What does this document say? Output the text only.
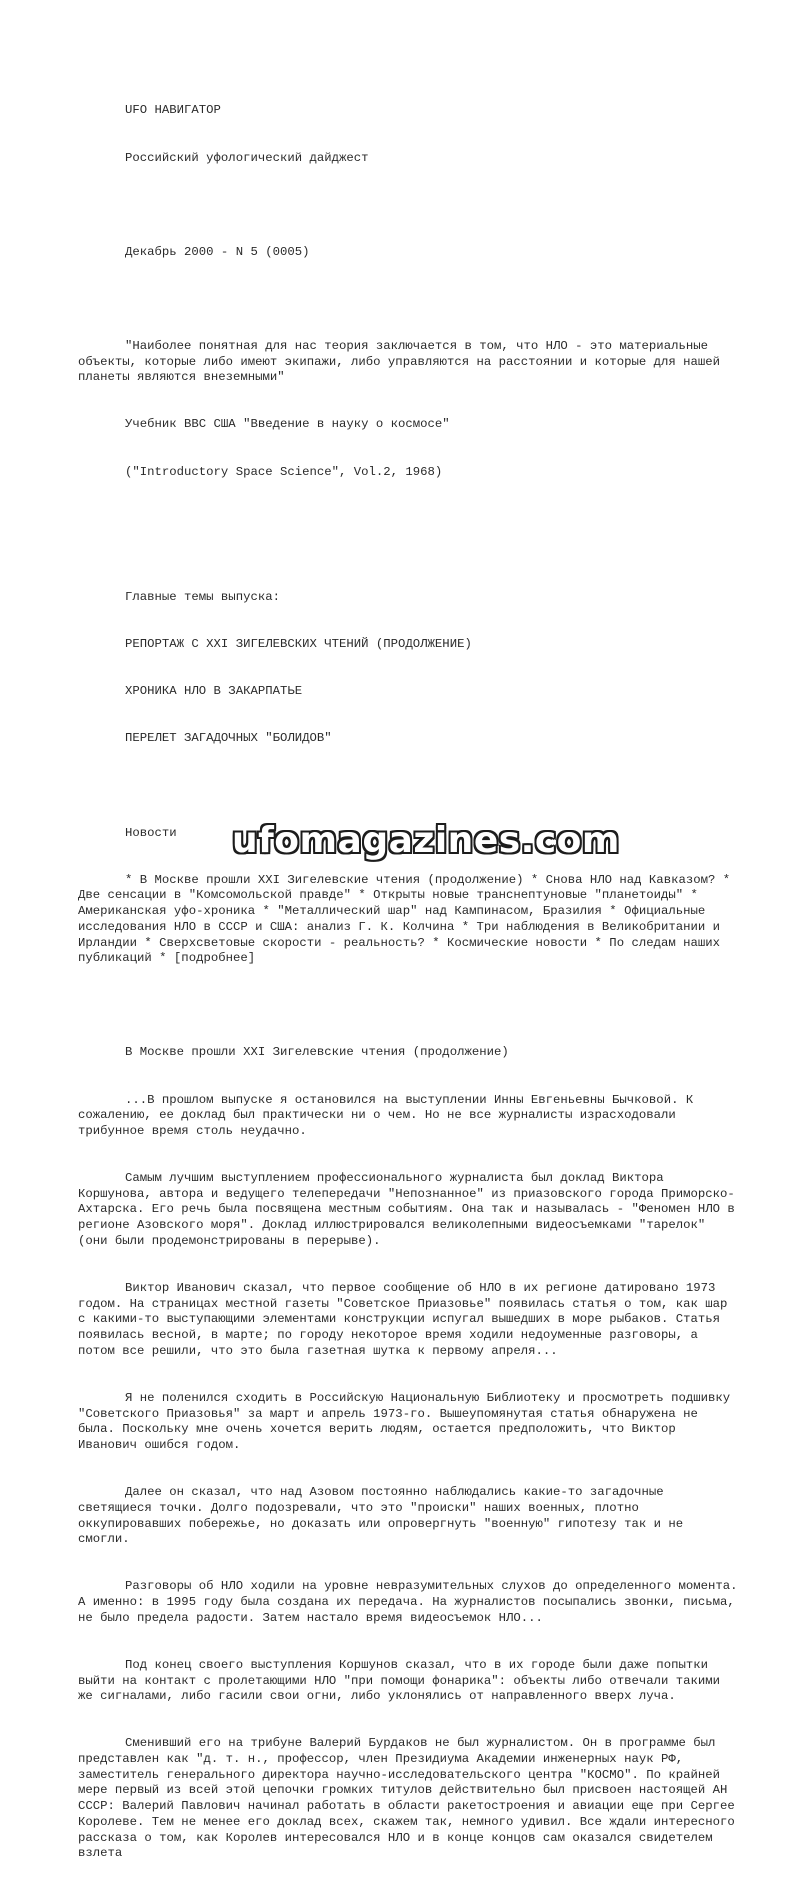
UFO НАВИГАТОР

Российский уфологический дайджест

Декабрь 2000 - N 5 (0005)

"Наиболее понятная для нас теория заключается в том, что НЛО - это материальные объекты, которые либо имеют экипажи, либо управляются на расстоянии и которые для нашей планеты являются внеземными"

Учебник ВВС США "Введение в науку о космосе"

("Introductory Space Science", Vol.2, 1968)

Главные темы выпуска:

РЕПОРТАЖ С XXI ЗИГЕЛЕВСКИХ ЧТЕНИЙ (ПРОДОЛЖЕНИЕ)

ХРОНИКА НЛО В ЗАКАРПАТЬЕ

ПЕРЕЛЕТ ЗАГАДОЧНЫХ "БОЛИДОВ"

Новости

* В Москве прошли XXI Зигелевские чтения (продолжение) * Снова НЛО над Кавказом? * Две сенсации в "Комсомольской правде" * Открыты новые транснептуновые "планетоиды" * Американская уфо-хроника * "Металлический шар" над Кампинасом, Бразилия * Официальные исследования НЛО в СССР и США: анализ Г. К. Колчина * Три наблюдения в Великобритании и Ирландии * Сверхсветовые скорости - реальность? * Космические новости * По следам наших публикаций * [подробнее]

В Москве прошли XXI Зигелевские чтения (продолжение)

...В прошлом выпуске я остановился на выступлении Инны Евгеньевны Бычковой. К сожалению, ее доклад был практически ни о чем. Но не все журналисты израсходовали трибунное время столь неудачно.

Самым лучшим выступлением профессионального журналиста был доклад Виктора Коршунова, автора и ведущего телепередачи "Непознанное" из приазовского города Приморско-Ахтарска. Его речь была посвящена местным событиям. Она так и называлась - "Феномен НЛО в регионе Азовского моря". Доклад иллюстрировался великолепными видеосъемками "тарелок" (они были продемонстрированы в перерыве).

Виктор Иванович сказал, что первое сообщение об НЛО в их регионе датировано 1973 годом. На страницах местной газеты "Советское Приазовье" появилась статья о том, как шар с какими-то выступающими элементами конструкции испугал вышедших в море рыбаков. Статья появилась весной, в марте; по городу некоторое время ходили недоуменные разговоры, а потом все решили, что это была газетная шутка к первому апреля...

Я не поленился сходить в Российскую Национальную Библиотеку и просмотреть подшивку "Советского Приазовья" за март и апрель 1973-го. Вышеупомянутая статья обнаружена не была. Поскольку мне очень хочется верить людям, остается предположить, что Виктор Иванович ошибся годом.

Далее он сказал, что над Азовом постоянно наблюдались какие-то загадочные светящиеся точки. Долго подозревали, что это "происки" наших военных, плотно оккупировавших побережье, но доказать или опровергнуть "военную" гипотезу так и не смогли.

Разговоры об НЛО ходили на уровне невразумительных слухов до определенного момента. А именно: в 1995 году была создана их передача. На журналистов посыпались звонки, письма, не было предела радости. Затем настало время видеосъемок НЛО...

Под конец своего выступления Коршунов сказал, что в их городе были даже попытки выйти на контакт с пролетающими НЛО "при помощи фонарика": объекты либо отвечали такими же сигналами, либо гасили свои огни, либо уклонялись от направленного вверх луча.

Сменивший его на трибуне Валерий Бурдаков не был журналистом. Он в программе был представлен как "д. т. н., профессор, член Президиума Академии инженерных наук РФ, заместитель генерального директора научно-исследовательского центра "КОСМО". По крайней мере первый из всей этой цепочки громких титулов действительно был присвоен настоящей АН СССР: Валерий Павлович начинал работать в области ракетостроения и авиации еще при Сергее Королеве. Тем не менее его доклад всех, скажем так, немного удивил. Все ждали интересного рассказа о том, как Королев интересовался НЛО и в конце концов сам оказался свидетелем взлета

ufomagazines.com
